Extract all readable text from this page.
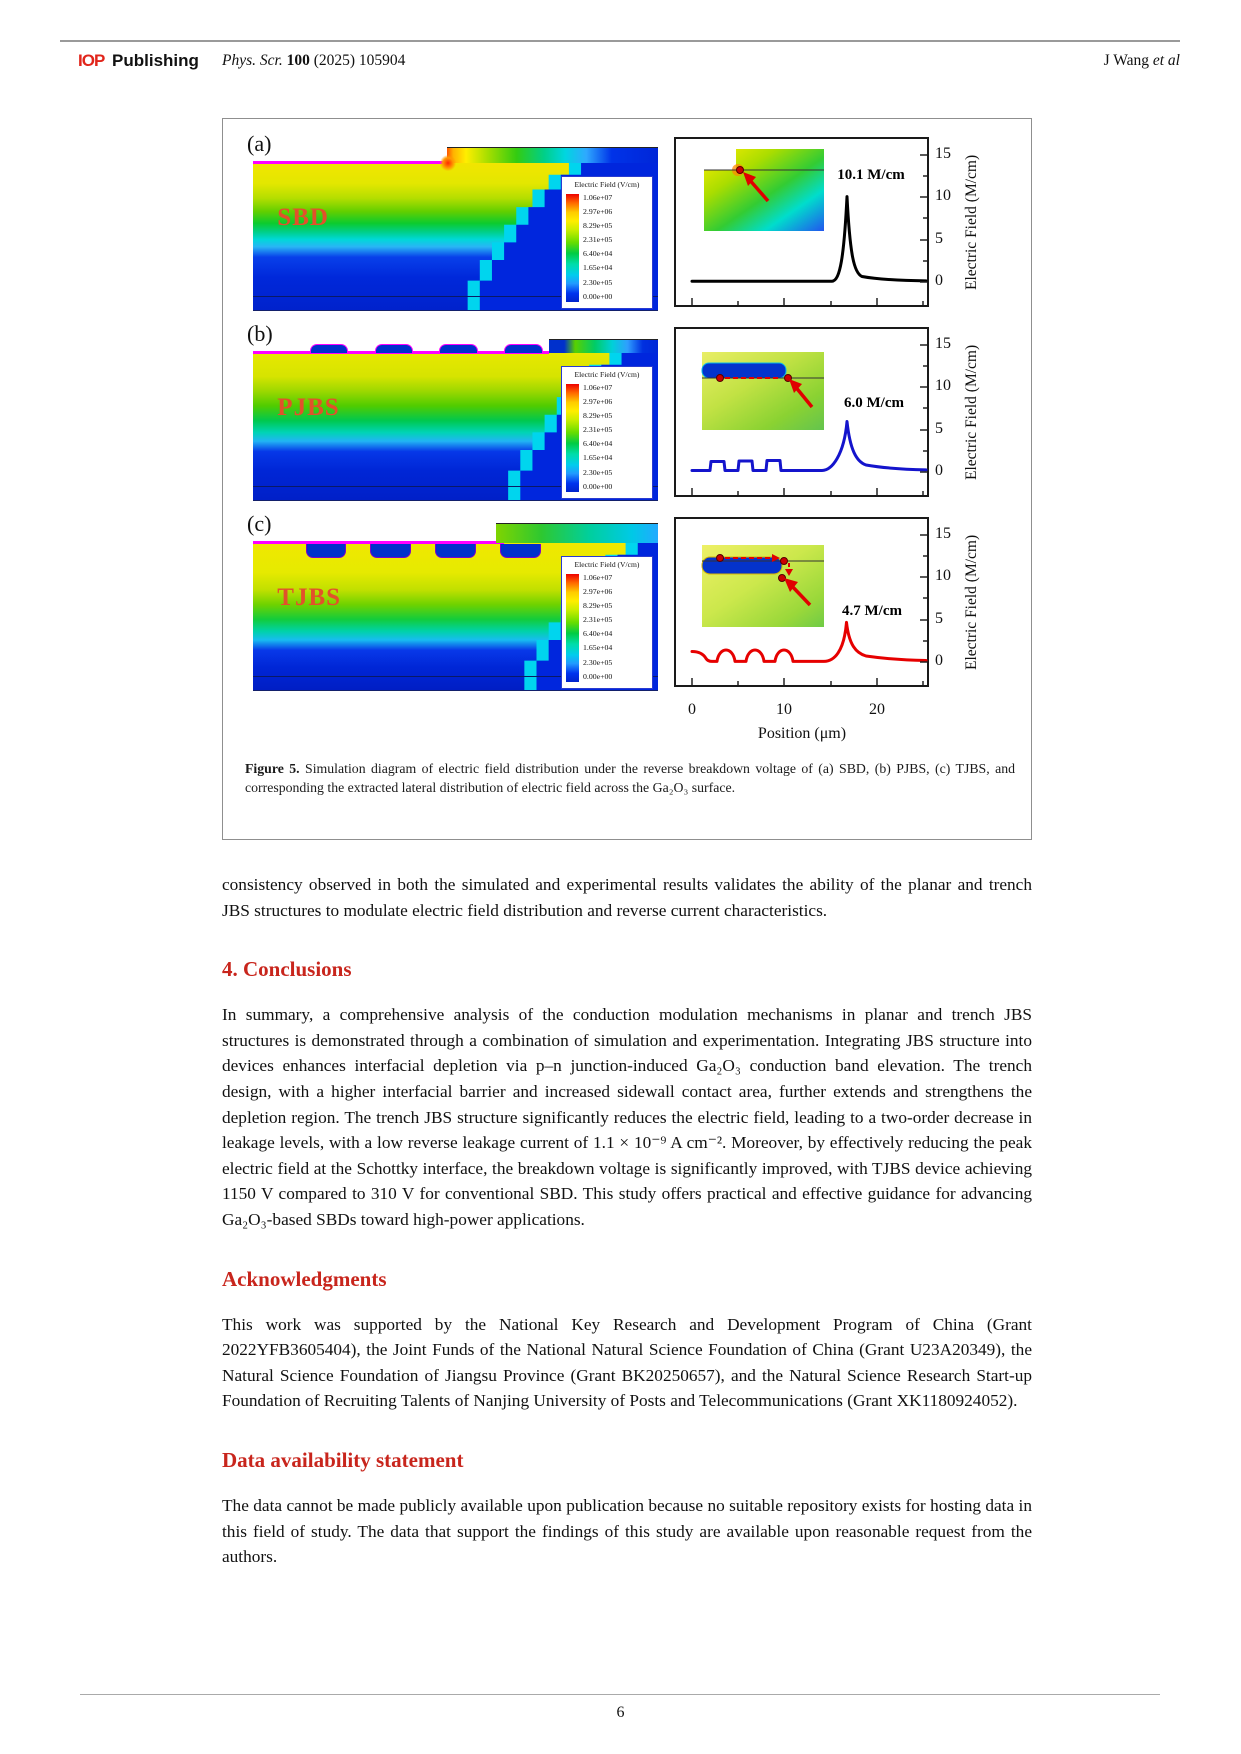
IOP Publishing Phys. Scr. 100 (2025) 105904	J Wang et al
(a)
SBD
Electric Field (V/cm)
1.06e+07
2.97e+06
8.29e+05
2.31e+05
6.40e+04
1.65e+04
2.30e+05
0.00e+00
10.1 M/cm
15
10
5
0 Electric Field (M/cm)
(b)
PJBS
Electric Field (V/cm)
1.06e+07
2.97e+06
8.29e+05
2.31e+05
6.40e+04
1.65e+04
2.30e+05
0.00e+00
6.0 M/cm
15
10
5
0 Electric Field (M/cm)
(c)
TJBS
Electric Field (V/cm)
1.06e+07
2.97e+06
8.29e+05
2.31e+05
6.40e+04
1.65e+04
2.30e+05
0.00e+00
4.7 M/cm
15
10
5
0 Electric Field (M/cm)
0	10	20
Position (μm)
Figure 5. Simulation diagram of electric field distribution under the reverse breakdown voltage of (a) SBD, (b) PJBS, (c) TJBS, and corresponding the extracted lateral distribution of electric field across the Ga₂O₃ surface.

consistency observed in both the simulated and experimental results validates the ability of the planar and trench JBS structures to modulate electric field distribution and reverse current characteristics.

4. Conclusions

In summary, a comprehensive analysis of the conduction modulation mechanisms in planar and trench JBS structures is demonstrated through a combination of simulation and experimentation. Integrating JBS structure into devices enhances interfacial depletion via p–n junction-induced Ga₂O₃ conduction band elevation. The trench design, with a higher interfacial barrier and increased sidewall contact area, further extends and strengthens the depletion region. The trench JBS structure significantly reduces the electric field, leading to a two-order decrease in leakage levels, with a low reverse leakage current of 1.1 × 10⁻⁹ A cm⁻². Moreover, by effectively reducing the peak electric field at the Schottky interface, the breakdown voltage is significantly improved, with TJBS device achieving 1150 V compared to 310 V for conventional SBD. This study offers practical and effective guidance for advancing Ga₂O₃-based SBDs toward high-power applications.

Acknowledgments

This work was supported by the National Key Research and Development Program of China (Grant 2022YFB3605404), the Joint Funds of the National Natural Science Foundation of China (Grant U23A20349), the Natural Science Foundation of Jiangsu Province (Grant BK20250657), and the Natural Science Research Start-up Foundation of Recruiting Talents of Nanjing University of Posts and Telecommunications (Grant XK1180924052).

Data availability statement

The data cannot be made publicly available upon publication because no suitable repository exists for hosting data in this field of study. The data that support the findings of this study are available upon reasonable request from the authors.

6
